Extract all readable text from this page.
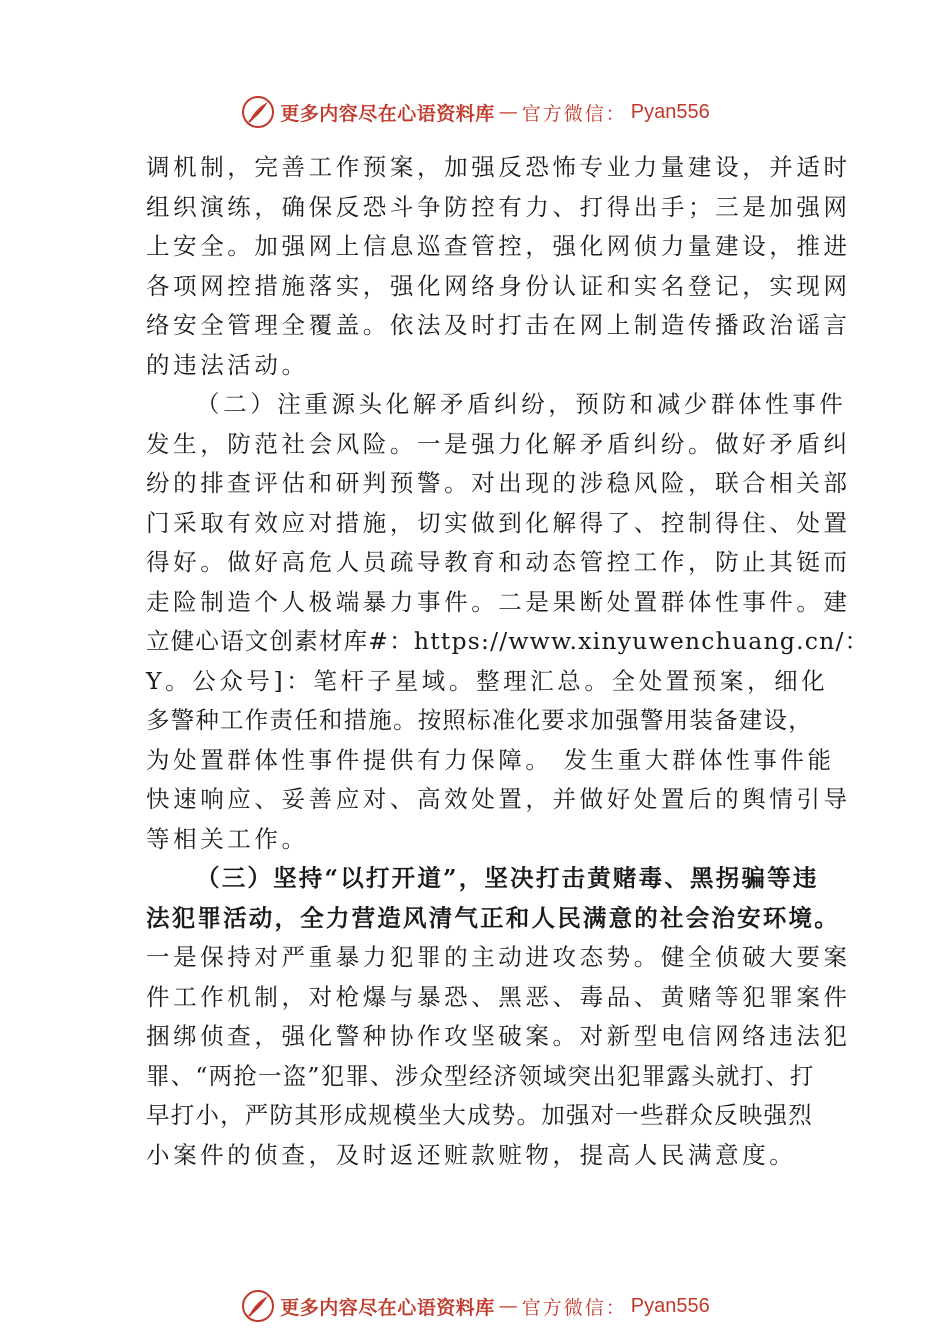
更多内容尽在心语资料库 — 官方微信： Pyan556
调机制，完善工作预案，加强反恐怖专业力量建设，并适时
组织演练，确保反恐斗争防控有力、打得出手；三是加强网
上安全。加强网上信息巡查管控，强化网侦力量建设，推进
各项网控措施落实，强化网络身份认证和实名登记，实现网
络安全管理全覆盖。依法及时打击在网上制造传播政治谣言
的违法活动。
（二）注重源头化解矛盾纠纷，预防和减少群体性事件
发生，防范社会风险。一是强力化解矛盾纠纷。做好矛盾纠
纷的排查评估和研判预警。对出现的涉稳风险，联合相关部
门采取有效应对措施，切实做到化解得了、控制得住、处置
得好。做好高危人员疏导教育和动态管控工作，防止其铤而
走险制造个人极端暴力事件。二是果断处置群体性事件。建
立健心语文创素材库#：https://www.xinyuwenchuang.cn/：
Y。公众号]：笔杆子星域。整理汇总。全处置预案，细化
多警种工作责任和措施。按照标准化要求加强警用装备建设，
为处置群体性事件提供有力保障。 发生重大群体性事件能
快速响应、妥善应对、高效处置，并做好处置后的舆情引导
等相关工作。
（三）坚持“以打开道”，坚决打击黄赌毒、黑拐骗等违
法犯罪活动，全力营造风清气正和人民满意的社会治安环境。
一是保持对严重暴力犯罪的主动进攻态势。健全侦破大要案
件工作机制，对枪爆与暴恐、黑恶、毒品、黄赌等犯罪案件
捆绑侦查，强化警种协作攻坚破案。对新型电信网络违法犯
罪、“两抢一盗”犯罪、涉众型经济领域突出犯罪露头就打、打
早打小，严防其形成规模坐大成势。加强对一些群众反映强烈
小案件的侦查，及时返还赃款赃物，提高人民满意度。
更多内容尽在心语资料库 — 官方微信： Pyan556
